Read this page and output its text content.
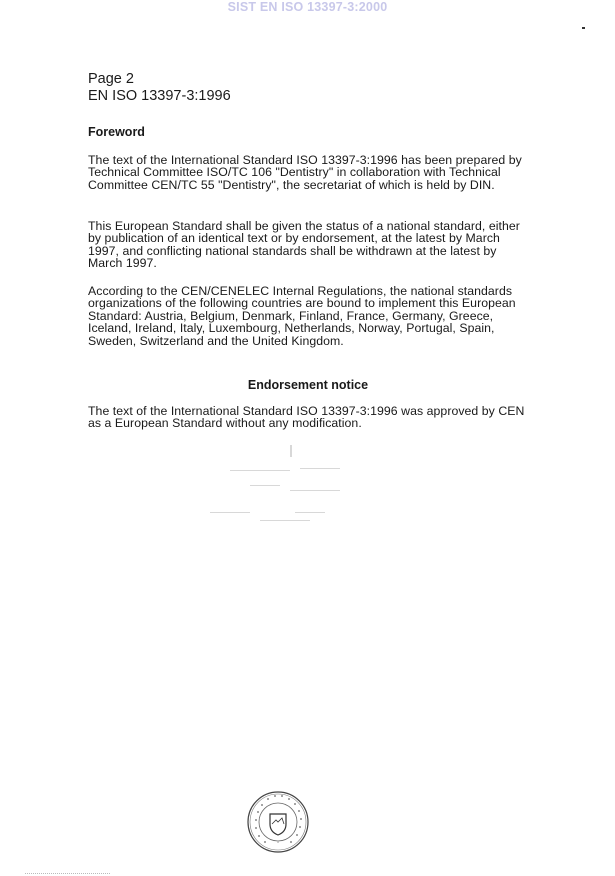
SIST EN ISO 13397-3:2000
Page 2
EN ISO 13397-3:1996
Foreword
The text of the International Standard ISO 13397-3:1996 has been prepared by Technical Committee ISO/TC 106 "Dentistry" in collaboration with Technical Committee CEN/TC 55 "Dentistry", the secretariat of which is held by DIN.
This European Standard shall be given the status of a national standard, either by publication of an identical text or by endorsement, at the latest by March 1997, and conflicting national standards shall be withdrawn at the latest by March 1997.
According to the CEN/CENELEC Internal Regulations, the national standards organizations of the following countries are bound to implement this European Standard: Austria, Belgium, Denmark, Finland, France, Germany, Greece, Iceland, Ireland, Italy, Luxembourg, Netherlands, Norway, Portugal, Spain, Sweden, Switzerland and the United Kingdom.
Endorsement notice
The text of the International Standard ISO 13397-3:1996 was approved by CEN as a European Standard without any modification.
*
